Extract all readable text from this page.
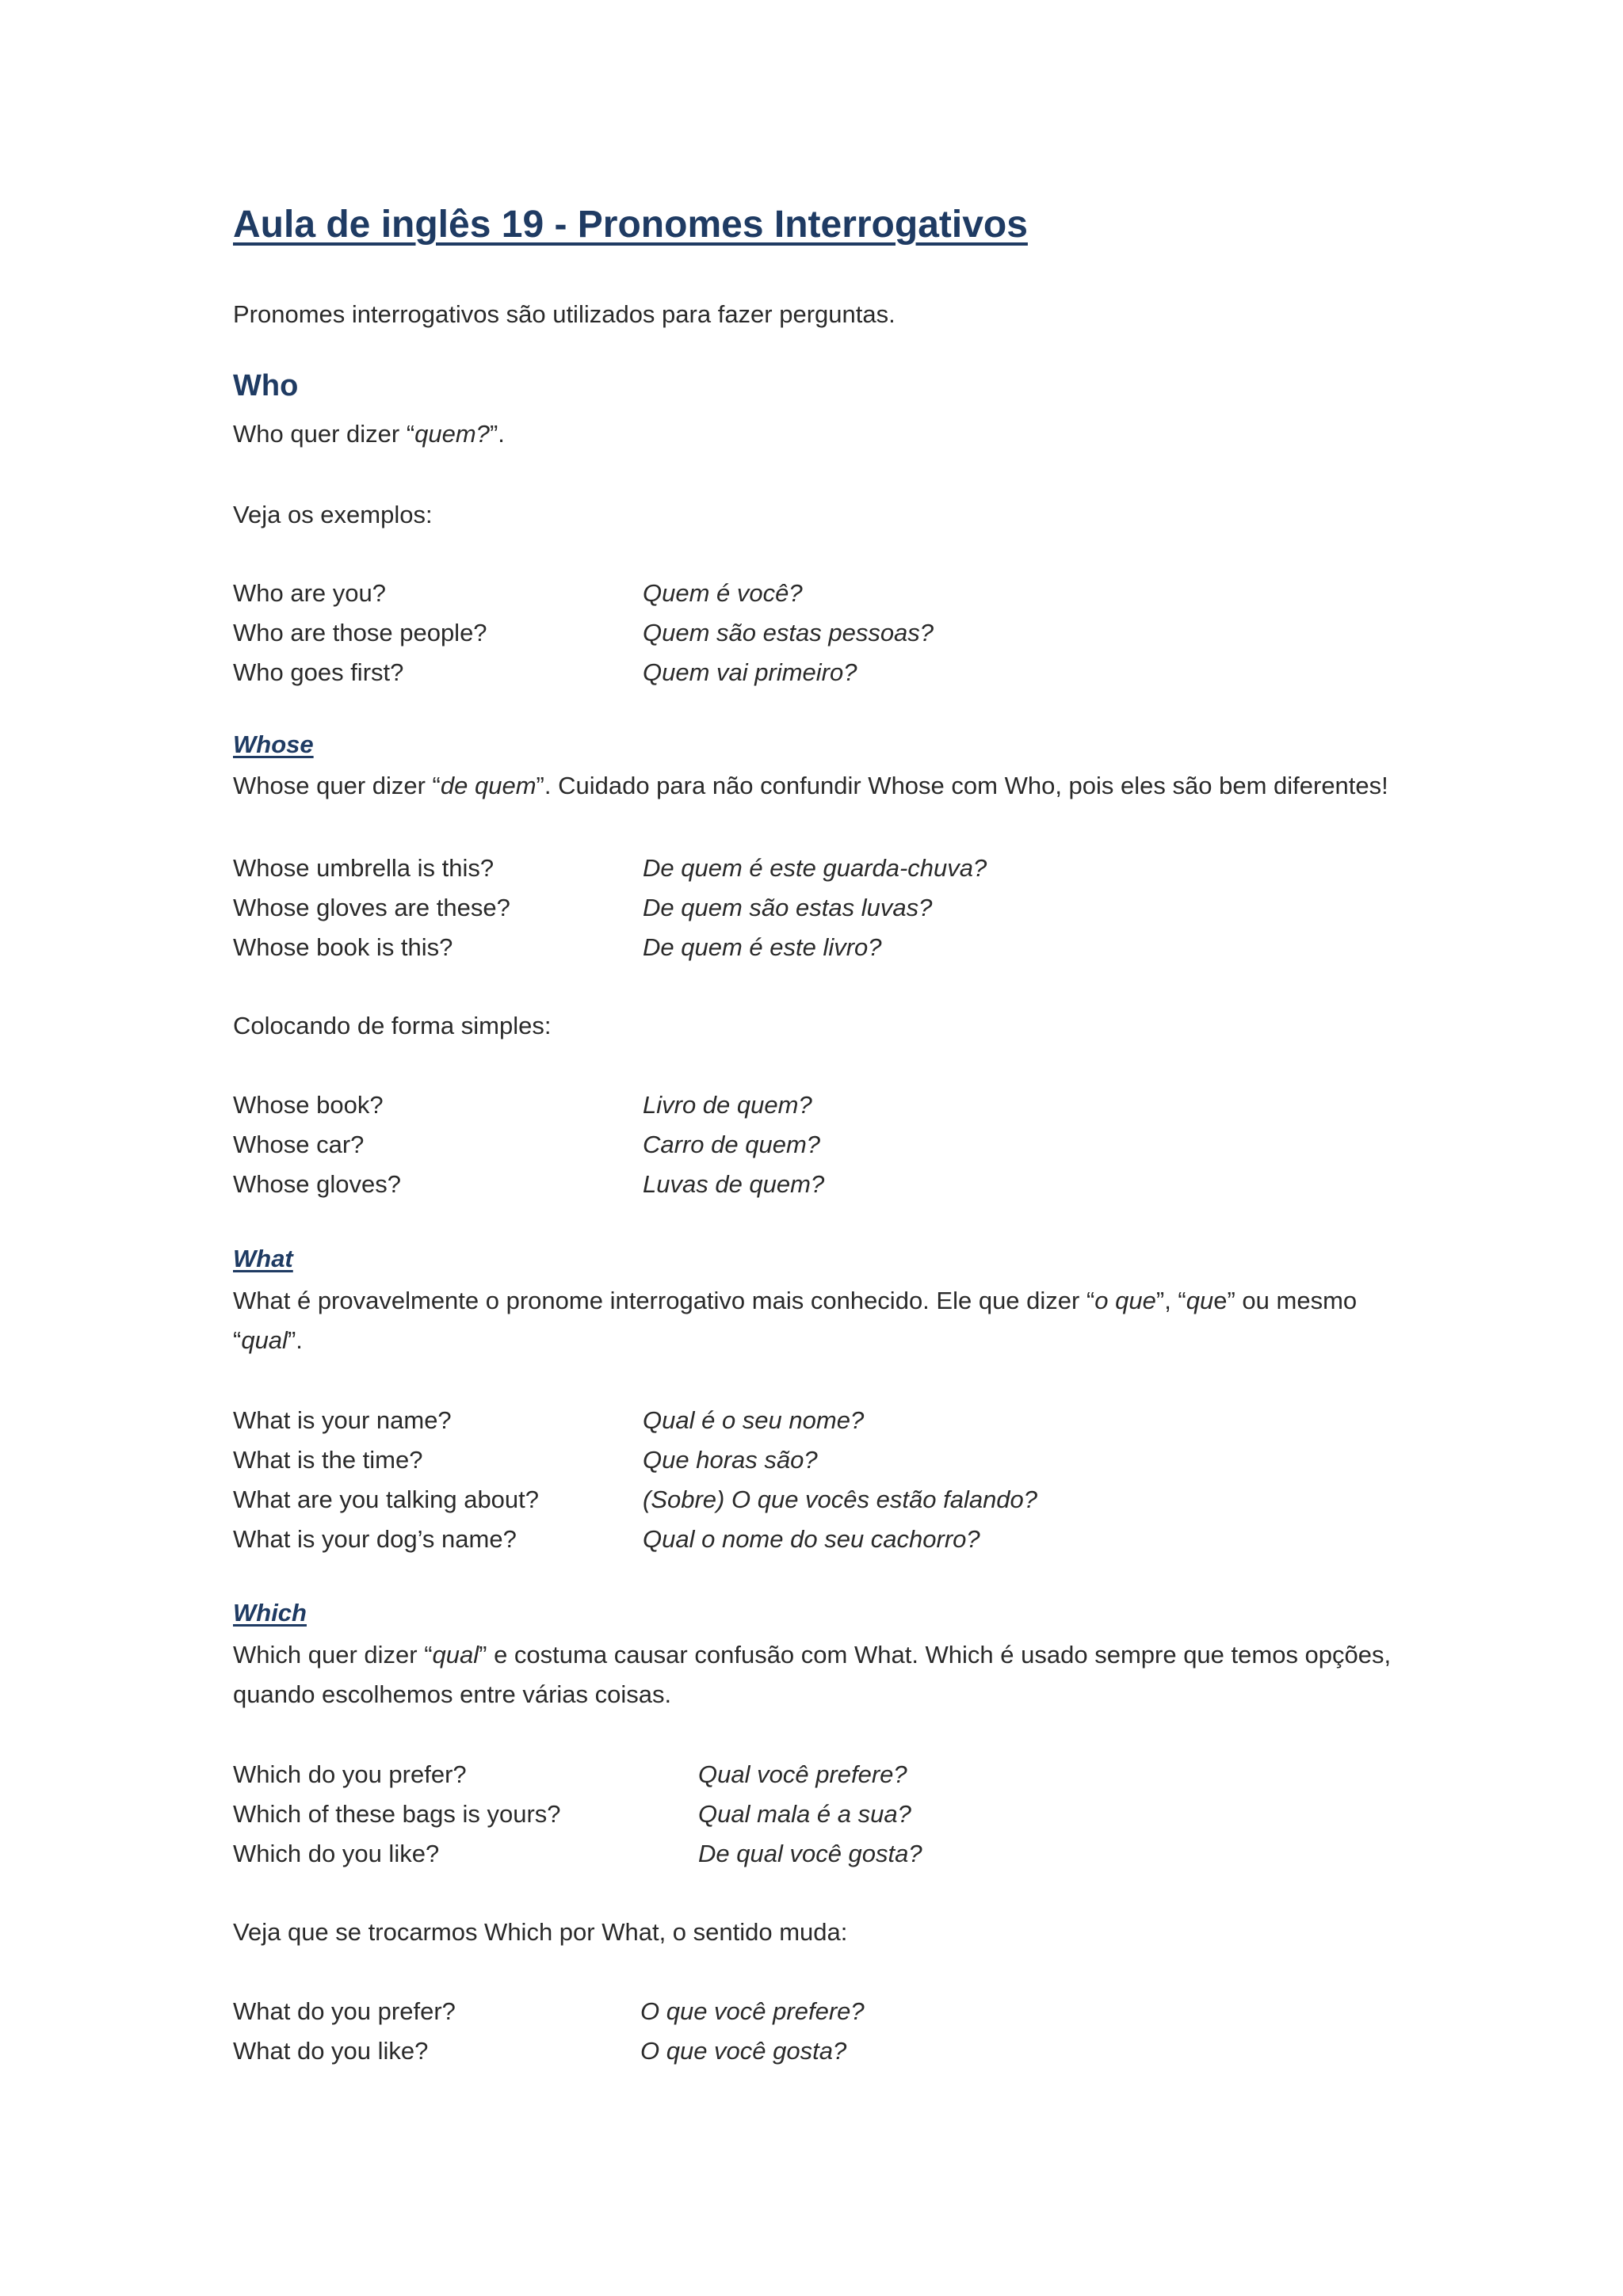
Aula de inglês 19 - Pronomes Interrogativos

Pronomes interrogativos são utilizados para fazer perguntas.

Who

Who quer dizer “quem?”.

Veja os exemplos:

Who are you?	Quem é você?
Who are those people?	Quem são estas pessoas?
Who goes first?	Quem vai primeiro?
Whose

Whose quer dizer “de quem”. Cuidado para não confundir Whose com Who, pois eles são bem diferentes!

Whose umbrella is this?	De quem é este guarda-chuva?
Whose gloves are these?	De quem são estas luvas?
Whose book is this?	De quem é este livro?

Colocando de forma simples:

Whose book?	Livro de quem?
Whose car?	Carro de quem?
Whose gloves?	Luvas de quem?
What

What é provavelmente o pronome interrogativo mais conhecido. Ele que dizer “o que”, “que” ou mesmo “qual”.

What is your name?	Qual é o seu nome?
What is the time?	Que horas são?
What are you talking about?	(Sobre) O que vocês estão falando?
What is your dog’s name?	Qual o nome do seu cachorro?
Which

Which quer dizer “qual” e costuma causar confusão com What. Which é usado sempre que temos opções, quando escolhemos entre várias coisas.

Which do you prefer?	Qual você prefere?
Which of these bags is yours?	Qual mala é a sua?
Which do you like?	De qual você gosta?

Veja que se trocarmos Which por What, o sentido muda:

What do you prefer?	O que você prefere?
What do you like?	O que você gosta?
